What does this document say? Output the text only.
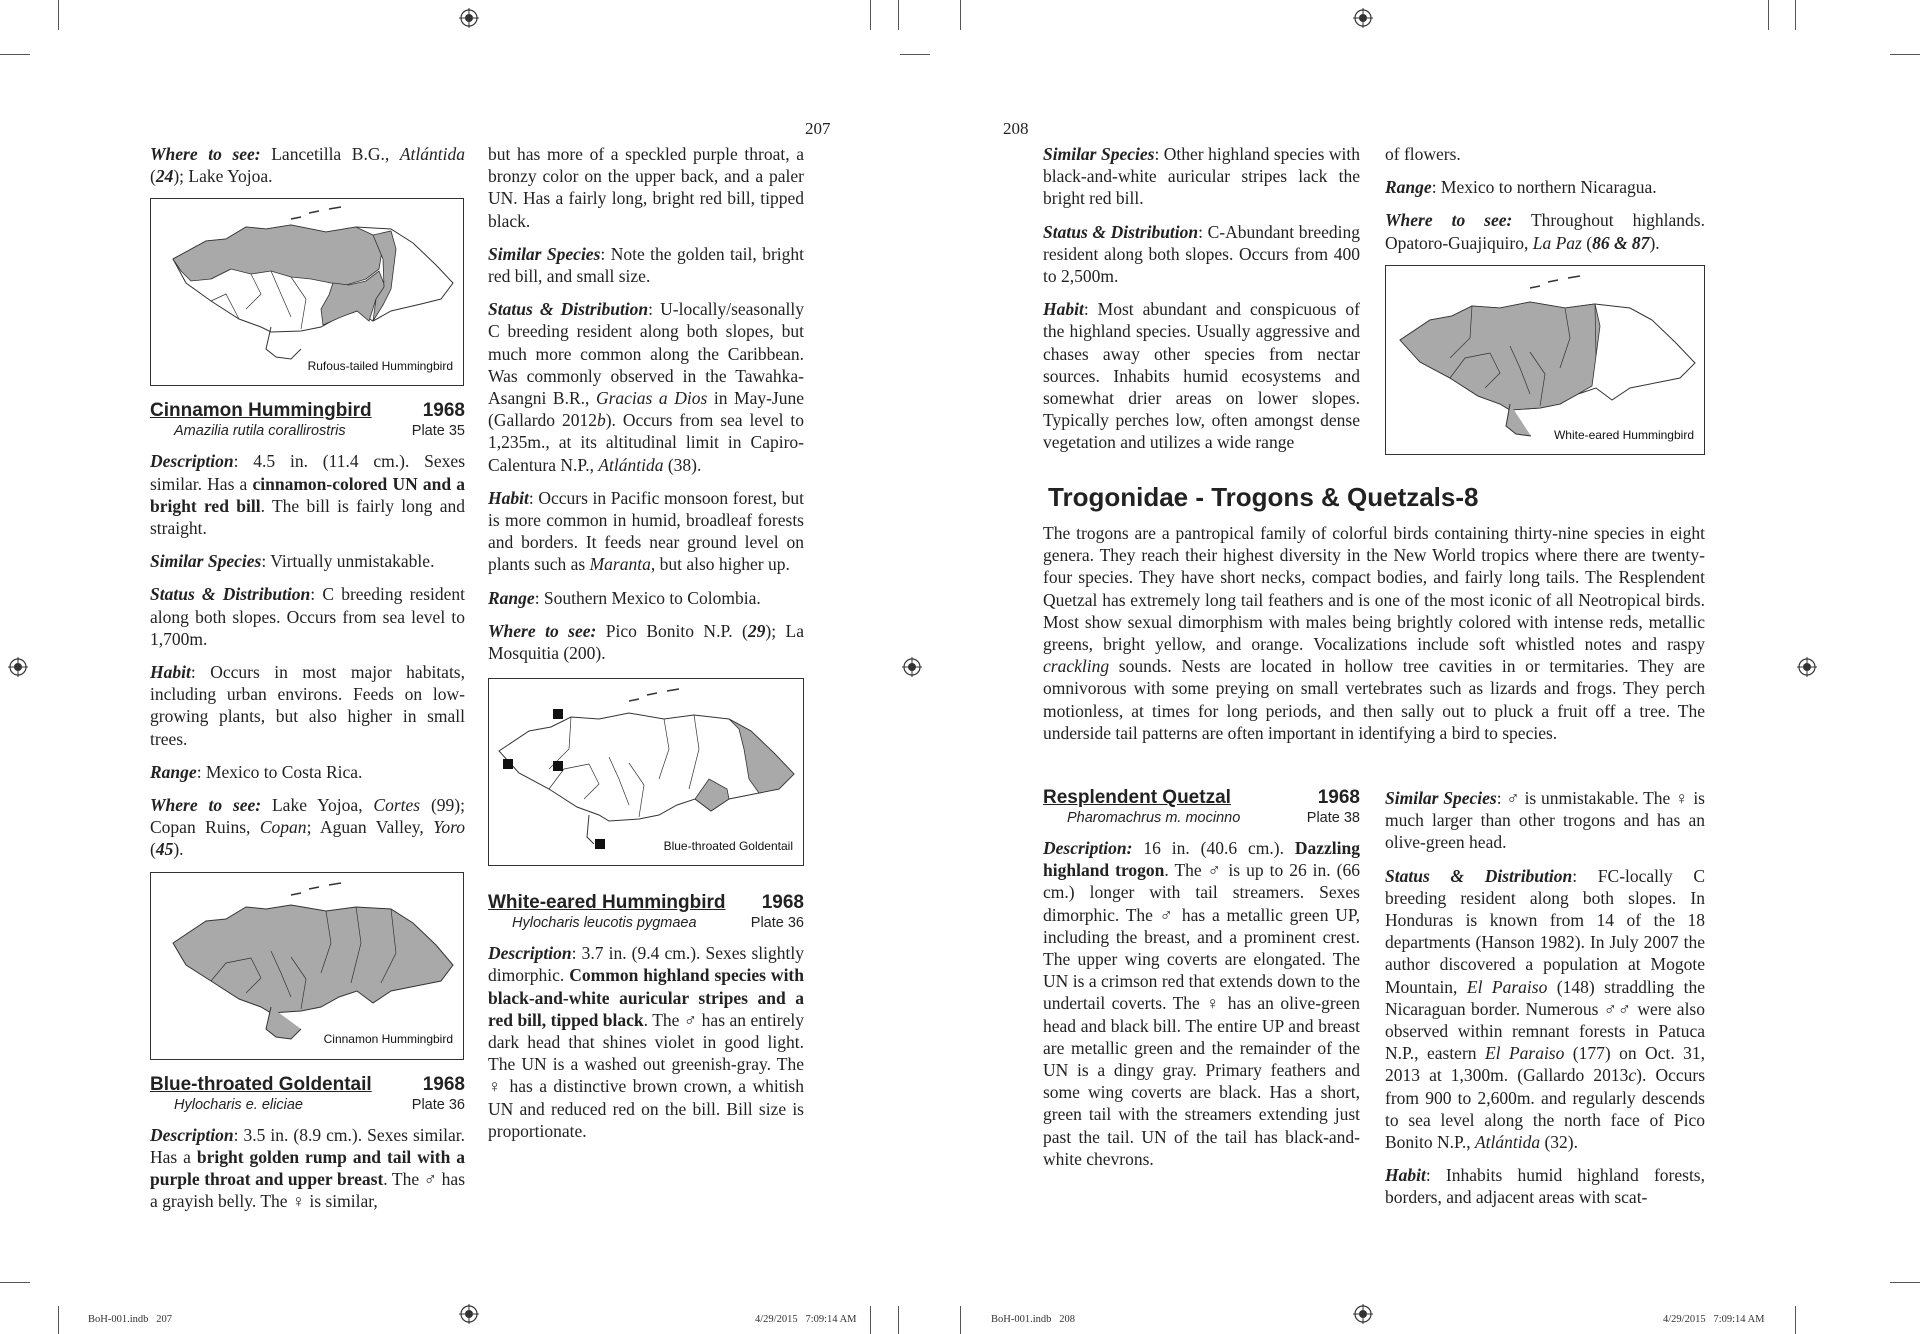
207

Where to see: Lancetilla B.G., Atlántida (24); Lake Yojoa.

Rufous-tailed Hummingbird
Cinnamon Hummingbird	1968
Amazilia rutila corallirostris	Plate 35

Description: 4.5 in. (11.4 cm.). Sexes similar. Has a cinnamon-colored UN and a bright red bill. The bill is fairly long and straight.

Similar Species: Virtually unmistakable.

Status & Distribution: C breeding resident along both slopes. Occurs from sea level to 1,700m.

Habit: Occurs in most major habitats, including urban environs. Feeds on low-growing plants, but also higher in small trees.

Range: Mexico to Costa Rica.

Where to see: Lake Yojoa, Cortes (99); Copan Ruins, Copan; Aguan Valley, Yoro (45).

Cinnamon Hummingbird
Blue-throated Goldentail	1968
Hylocharis e. eliciae	Plate 36

Description: 3.5 in. (8.9 cm.). Sexes similar. Has a bright golden rump and tail with a purple throat and upper breast. The ♂ has a grayish belly. The ♀ is similar,

but has more of a speckled purple throat, a bronzy color on the upper back, and a paler UN. Has a fairly long, bright red bill, tipped black.

Similar Species: Note the golden tail, bright red bill, and small size.

Status & Distribution: U-locally/seasonally C breeding resident along both slopes, but much more common along the Caribbean. Was commonly observed in the Tawahka-Asangni B.R., Gracias a Dios in May-June (Gallardo 2012b). Occurs from sea level to 1,235m., at its altitudinal limit in Capiro-Calentura N.P., Atlántida (38).

Habit: Occurs in Pacific monsoon forest, but is more common in humid, broadleaf forests and borders. It feeds near ground level on plants such as Maranta, but also higher up.

Range: Southern Mexico to Colombia.

Where to see: Pico Bonito N.P. (29); La Mosquitia (200).

Blue-throated Goldentail
White-eared Hummingbird 1968
Hylocharis leucotis pygmaea	Plate 36

Description: 3.7 in. (9.4 cm.). Sexes slightly dimorphic. Common highland species with black-and-white auricular stripes and a red bill, tipped black. The ♂ has an entirely dark head that shines violet in good light. The UN is a washed out greenish-gray. The ♀ has a distinctive brown crown, a whitish UN and reduced red on the bill. Bill size is proportionate.

208

Similar Species: Other highland species with black-and-white auricular stripes lack the bright red bill.

Status & Distribution: C-Abundant breeding resident along both slopes. Occurs from 400 to 2,500m.

Habit: Most abundant and conspicuous of the highland species. Usually aggressive and chases away other species from nectar sources. Inhabits humid ecosystems and somewhat drier areas on lower slopes. Typically perches low, often amongst dense vegetation and utilizes a wide range

of flowers.

Range: Mexico to northern Nicaragua.

Where to see: Throughout highlands. Opatoro-Guajiquiro, La Paz (86 & 87).

White-eared Hummingbird
Trogonidae - Trogons & Quetzals-8
The trogons are a pantropical family of colorful birds containing thirty-nine species in eight genera. They reach their highest diversity in the New World tropics where there are twenty-four species. They have short necks, compact bodies, and fairly long tails. The Resplendent Quetzal has extremely long tail feathers and is one of the most iconic of all Neotropical birds. Most show sexual dimorphism with males being brightly colored with intense reds, metallic greens, bright yellow, and orange. Vocalizations include soft whistled notes and raspy crackling sounds. Nests are located in hollow tree cavities in or termitaries. They are omnivorous with some preying on small vertebrates such as lizards and frogs. They perch motionless, at times for long periods, and then sally out to pluck a fruit off a tree. The underside tail patterns are often important in identifying a bird to species.
Resplendent Quetzal	1968
Pharomachrus m. mocinno	Plate 38

Description: 16 in. (40.6 cm.). Dazzling highland trogon. The ♂ is up to 26 in. (66 cm.) longer with tail streamers. Sexes dimorphic. The ♂ has a metallic green UP, including the breast, and a prominent crest. The upper wing coverts are elongated. The UN is a crimson red that extends down to the undertail coverts. The ♀ has an olive-green head and black bill. The entire UP and breast are metallic green and the remainder of the UN is a dingy gray. Primary feathers and some wing coverts are black. Has a short, green tail with the streamers extending just past the tail. UN of the tail has black-and-white chevrons.

Similar Species: ♂ is unmistakable. The ♀ is much larger than other trogons and has an olive-green head.

Status & Distribution: FC-locally C breeding resident along both slopes. In Honduras is known from 14 of the 18 departments (Hanson 1982). In July 2007 the author discovered a population at Mogote Mountain, El Paraiso (148) straddling the Nicaraguan border. Numerous ♂♂ were also observed within remnant forests in Patuca N.P., eastern El Paraiso (177) on Oct. 31, 2013 at 1,300m. (Gallardo 2013c). Occurs from 900 to 2,600m. and regularly descends to sea level along the north face of Pico Bonito N.P., Atlántida (32).

Habit: Inhabits humid highland forests, borders, and adjacent areas with scat-

BoH-001.indb   207	4/29/2015   7:09:14 AM	BoH-001.indb   208	4/29/2015   7:09:14 AM
